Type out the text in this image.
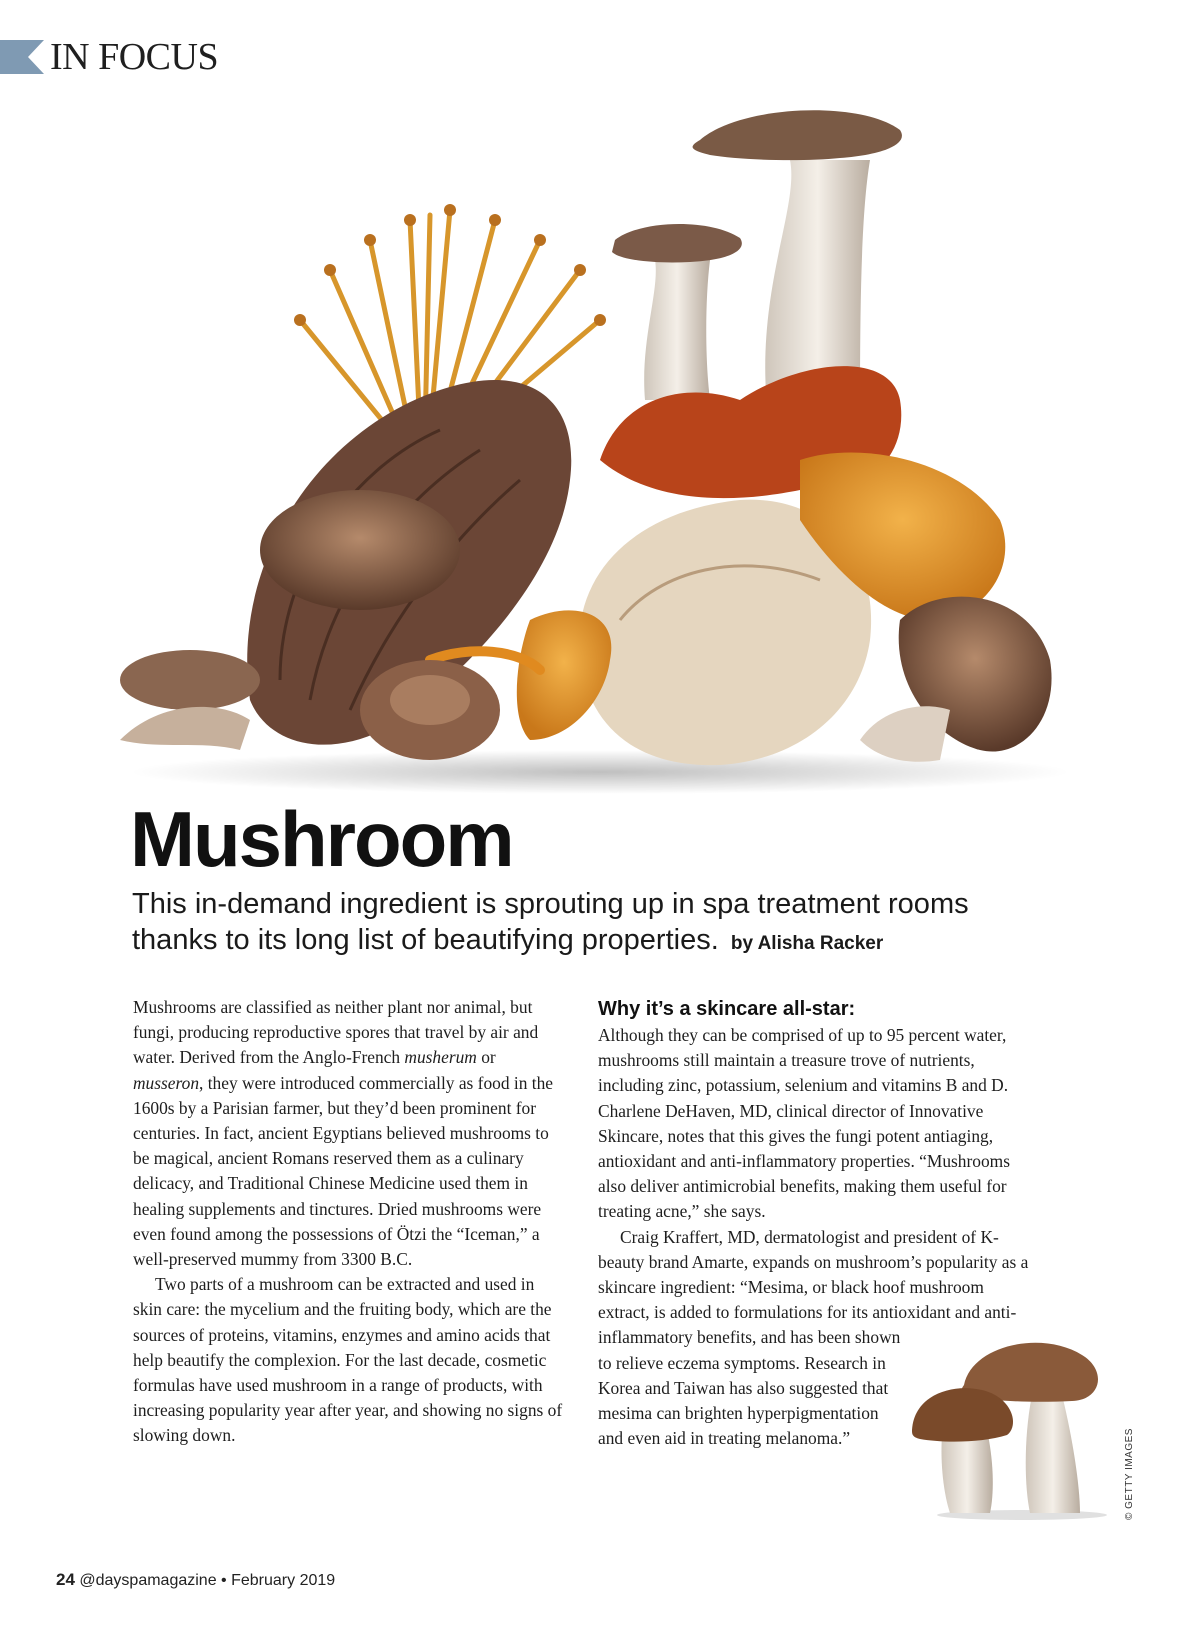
IN FOCUS
Mushroom

This in-demand ingredient is sprouting up in spa treatment rooms thanks to its long list of beautifying properties. by Alisha Racker

Mushrooms are classified as neither plant nor animal, but fungi, producing reproductive spores that travel by air and water. Derived from the Anglo-French musherum or musseron, they were introduced commercially as food in the 1600s by a Parisian farmer, but they’d been prominent for centuries. In fact, ancient Egyptians believed mushrooms to be magical, ancient Romans reserved them as a culinary delicacy, and Traditional Chinese Medicine used them in healing supplements and tinctures. Dried mushrooms were even found among the possessions of Ötzi the “Iceman,” a well-preserved mummy from 3300 B.C.

Two parts of a mushroom can be extracted and used in skin care: the mycelium and the fruiting body, which are the sources of proteins, vitamins, enzymes and amino acids that help beautify the complexion. For the last decade, cosmetic formulas have used mushroom in a range of products, with increasing popularity year after year, and showing no signs of slowing down.

Why it’s a skincare all-star:

Although they can be comprised of up to 95 percent water, mushrooms still maintain a treasure trove of nutrients, including zinc, potassium, selenium and vitamins B and D. Charlene DeHaven, MD, clinical director of Innovative Skincare, notes that this gives the fungi potent antiaging, antioxidant and anti-inflammatory properties. “Mushrooms also deliver antimicrobial benefits, making them useful for treating acne,” she says.

Craig Kraffert, MD, dermatologist and president of K-beauty brand Amarte, expands on mushroom’s popularity as a skincare ingredient: “Mesima, or black hoof mushroom extract, is added to formulations for its antioxidant and anti-inflammatory benefits, and has been shown to relieve eczema symptoms. Research in Korea and Taiwan has also suggested that mesima can brighten hyperpigmentation and even aid in treating melanoma.”	© GETTY IMAGES
24 @dayspamagazine • February 2019
